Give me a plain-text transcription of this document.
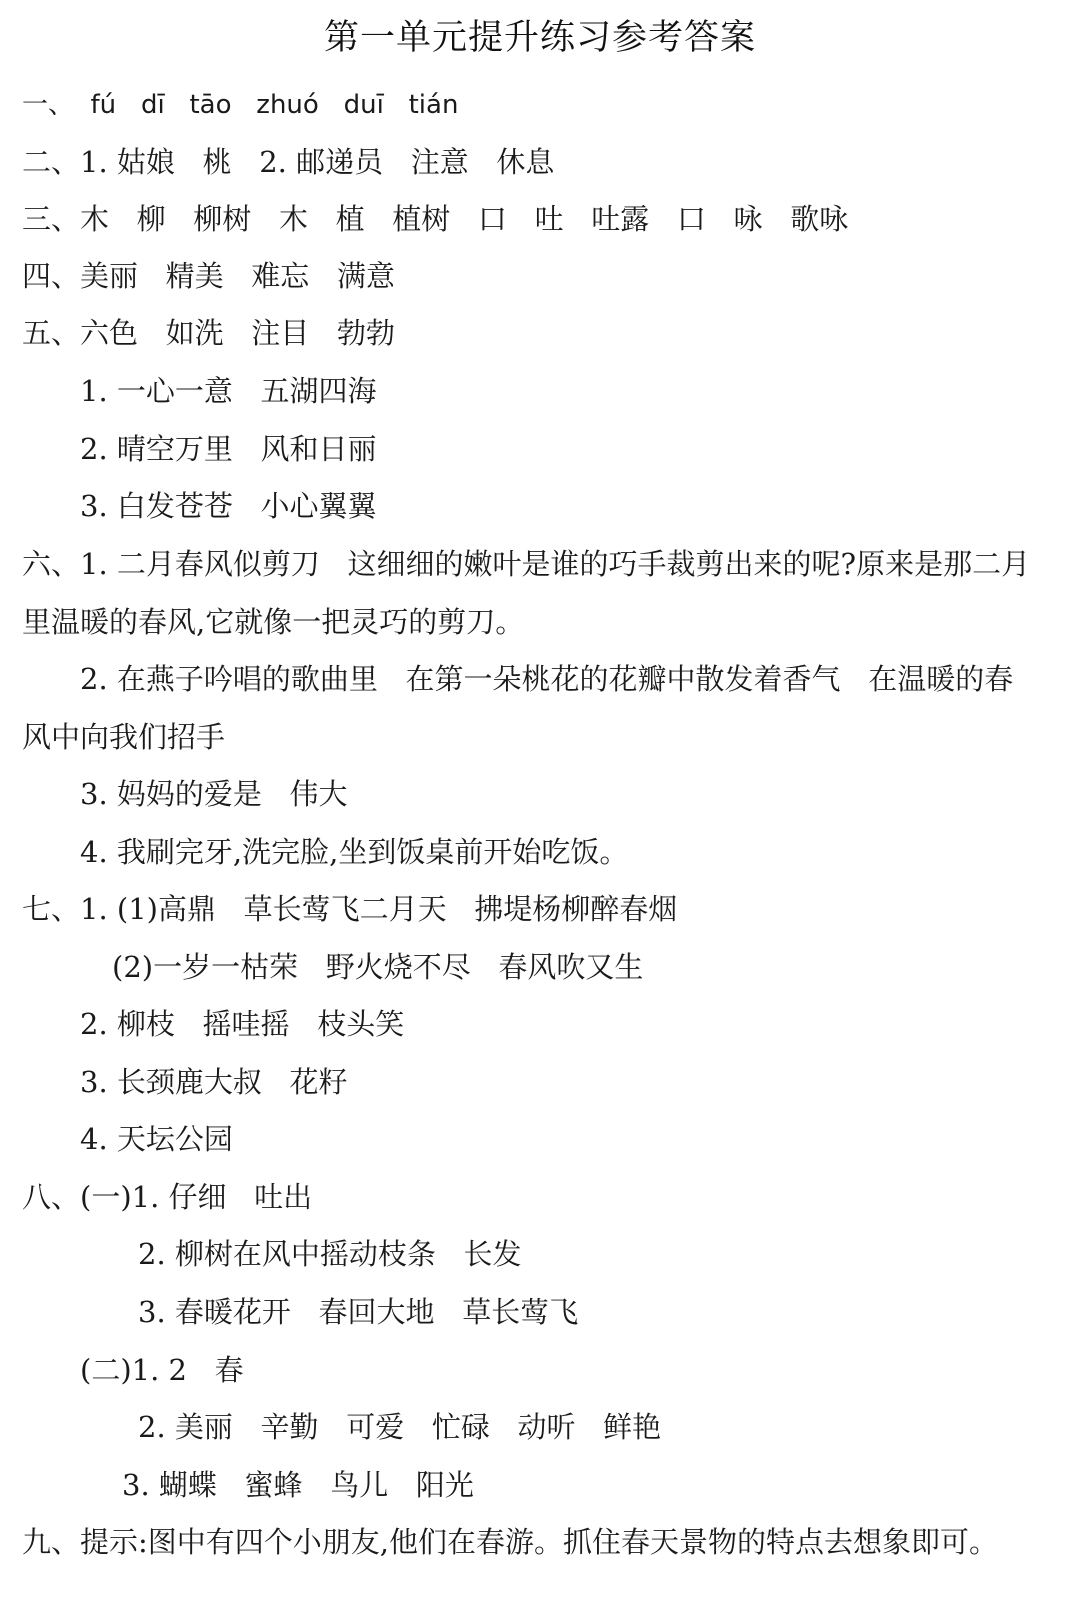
第一单元提升练习参考答案
一、  fú   dī   tāo   zhuó   duī   tián
二、1. 姑娘   桃   2. 邮递员   注意   休息
三、木   柳   柳树   木   植   植树   口   吐   吐露   口   咏   歌咏
四、美丽   精美   难忘   满意
五、六色   如洗   注目   勃勃
1. 一心一意   五湖四海
2. 晴空万里   风和日丽
3. 白发苍苍   小心翼翼
六、1. 二月春风似剪刀   这细细的嫩叶是谁的巧手裁剪出来的呢?原来是那二月
里温暖的春风,它就像一把灵巧的剪刀。
2. 在燕子吟唱的歌曲里   在第一朵桃花的花瓣中散发着香气   在温暖的春
风中向我们招手
3. 妈妈的爱是   伟大
4. 我刷完牙,洗完脸,坐到饭桌前开始吃饭。
七、1. (1)高鼎   草长莺飞二月天   拂堤杨柳醉春烟
(2)一岁一枯荣   野火烧不尽   春风吹又生
2. 柳枝   摇哇摇   枝头笑
3. 长颈鹿大叔   花籽
4. 天坛公园
八、(一)1. 仔细   吐出
2. 柳树在风中摇动枝条   长发
3. 春暖花开   春回大地   草长莺飞
(二)1. 2   春
2. 美丽   辛勤   可爱   忙碌   动听   鲜艳
3. 蝴蝶   蜜蜂   鸟儿   阳光
九、提示:图中有四个小朋友,他们在春游。抓住春天景物的特点去想象即可。
